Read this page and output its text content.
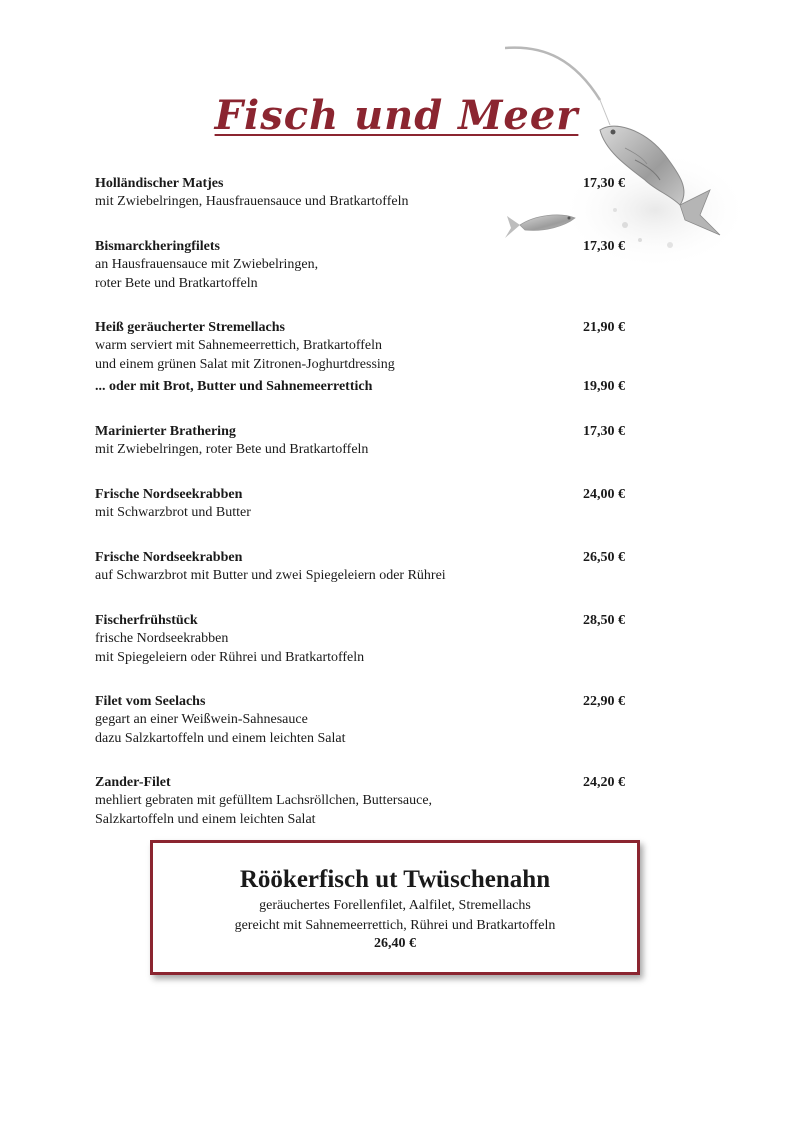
Fisch und Meer
Holländischer Matjes	17,30 €
mit Zwiebelringen, Hausfrauensauce und Bratkartoffeln
Bismarckheringfilets	17,30 €
an Hausfrauensauce mit Zwiebelringen,
roter Bete und Bratkartoffeln
Heiß geräucherter Stremellachs	21,90 €
warm serviert mit Sahnemeerrettich, Bratkartoffeln
und einem grünen Salat mit Zitronen-Joghurtdressing
... oder mit Brot, Butter und Sahnemeerrettich	19,90 €
Marinierter Brathering	17,30 €
mit Zwiebelringen, roter Bete und Bratkartoffeln
Frische Nordseekrabben	24,00 €
mit Schwarzbrot und Butter
Frische Nordseekrabben	26,50 €
auf Schwarzbrot mit Butter und zwei Spiegeleiern oder Rührei
Fischerfrühstück	28,50 €
frische Nordseekrabben
mit Spiegeleiern oder Rührei und Bratkartoffeln
Filet vom Seelachs	22,90 €
gegart an einer Weißwein-Sahnesauce
dazu Salzkartoffeln und einem leichten Salat
Zander-Filet	24,20 €
mehliert gebraten mit gefülltem Lachsröllchen, Buttersauce,
Salzkartoffeln und einem leichten Salat
Röökerfisch ut Twüschenahn
geräuchertes Forellenfilet, Aalfilet, Stremellachs
gereicht mit Sahnemeerrettich, Rührei und Bratkartoffeln
26,40 €
